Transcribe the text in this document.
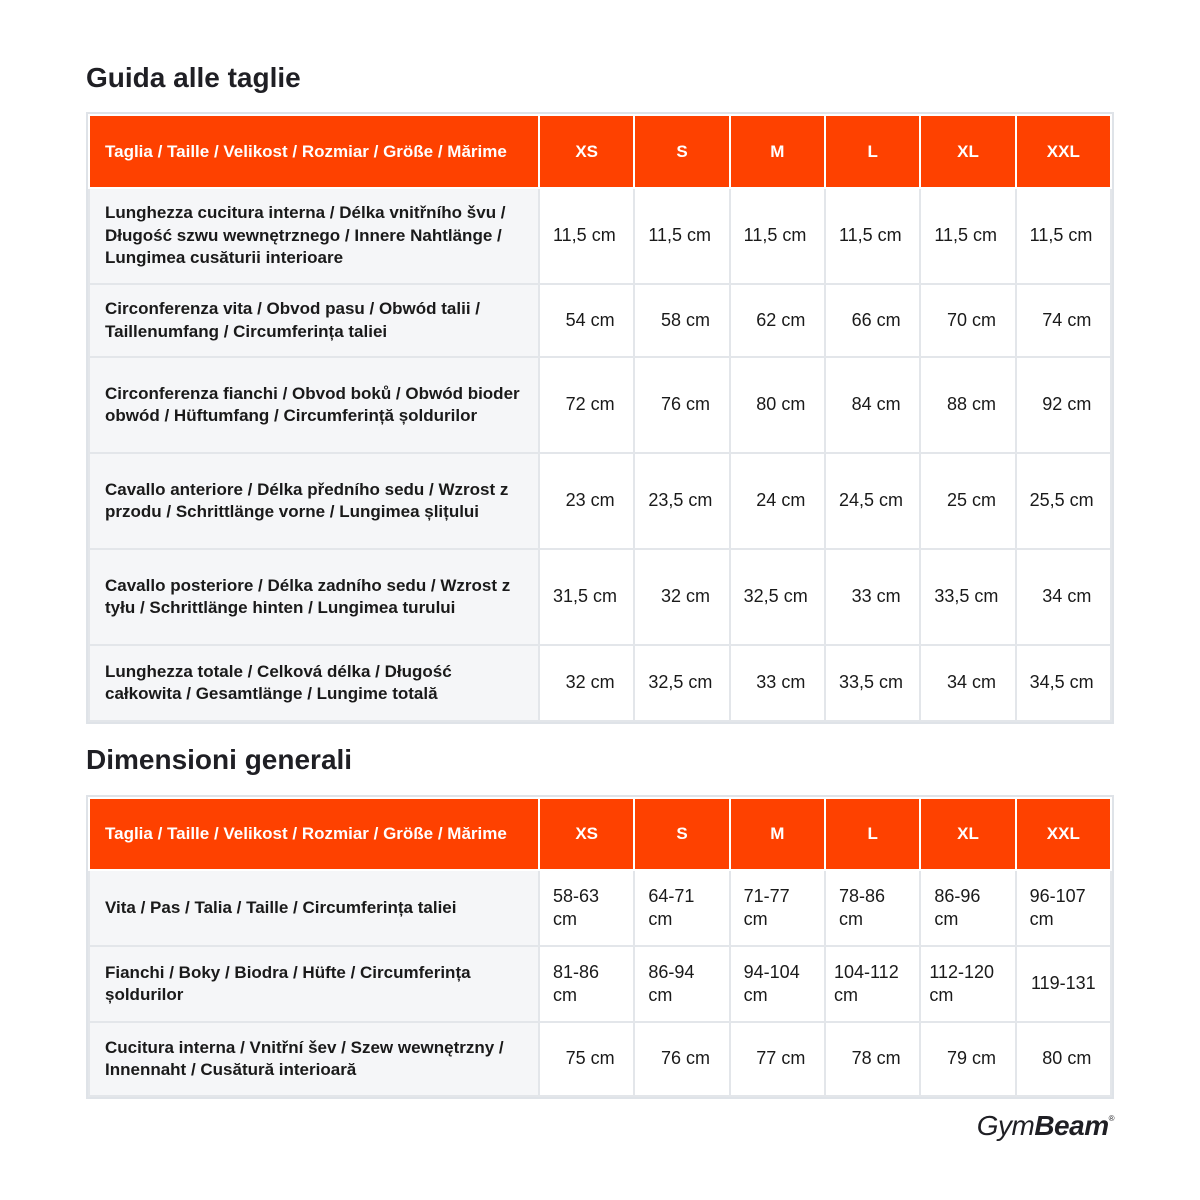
Guida alle taglie
Taglia / Taille / Velikost / Rozmiar / Größe / Mărime	XS	S	M	L	XL	XXL
Lunghezza cucitura interna / Délka vnitřního švu / Długość szwu wewnętrznego / Innere Nahtlänge / Lungimea cusăturii interioare	11,5 cm	11,5 cm	11,5 cm	11,5 cm	11,5 cm	11,5 cm
Circonferenza vita / Obvod pasu / Obwód talii / Taillenumfang / Circumferința taliei	54 cm	58 cm	62 cm	66 cm	70 cm	74 cm
Circonferenza fianchi / Obvod boků / Obwód bioder obwód / Hüftumfang / Circumferință șoldurilor	72 cm	76 cm	80 cm	84 cm	88 cm	92 cm
Cavallo anteriore / Délka předního sedu / Wzrost z przodu / Schrittlänge vorne / Lungimea șlițului	23 cm	23,5 cm	24 cm	24,5 cm	25 cm	25,5 cm
Cavallo posteriore / Délka zadního sedu / Wzrost z tyłu / Schrittlänge hinten / Lungimea turului	31,5 cm	32 cm	32,5 cm	33 cm	33,5 cm	34 cm
Lunghezza totale / Celková délka / Długość całkowita / Gesamtlänge / Lungime totală	32 cm	32,5 cm	33 cm	33,5 cm	34 cm	34,5 cm
Dimensioni generali
Taglia / Taille / Velikost / Rozmiar / Größe / Mărime	XS	S	M	L	XL	XXL
Vita / Pas / Talia / Taille / Circumferința taliei	58-63 cm	64-71 cm	71-77 cm	78-86 cm	86-96 cm	96-107 cm
Fianchi / Boky / Biodra / Hüfte / Circumferința șoldurilor	81-86 cm	86-94 cm	94-104 cm	104-112 cm	112-120 cm	119-131
Cucitura interna / Vnitřní šev / Szew wewnętrzny / Innennaht / Cusătură interioară	75 cm	76 cm	77 cm	78 cm	79 cm	80 cm
GymBeam®
